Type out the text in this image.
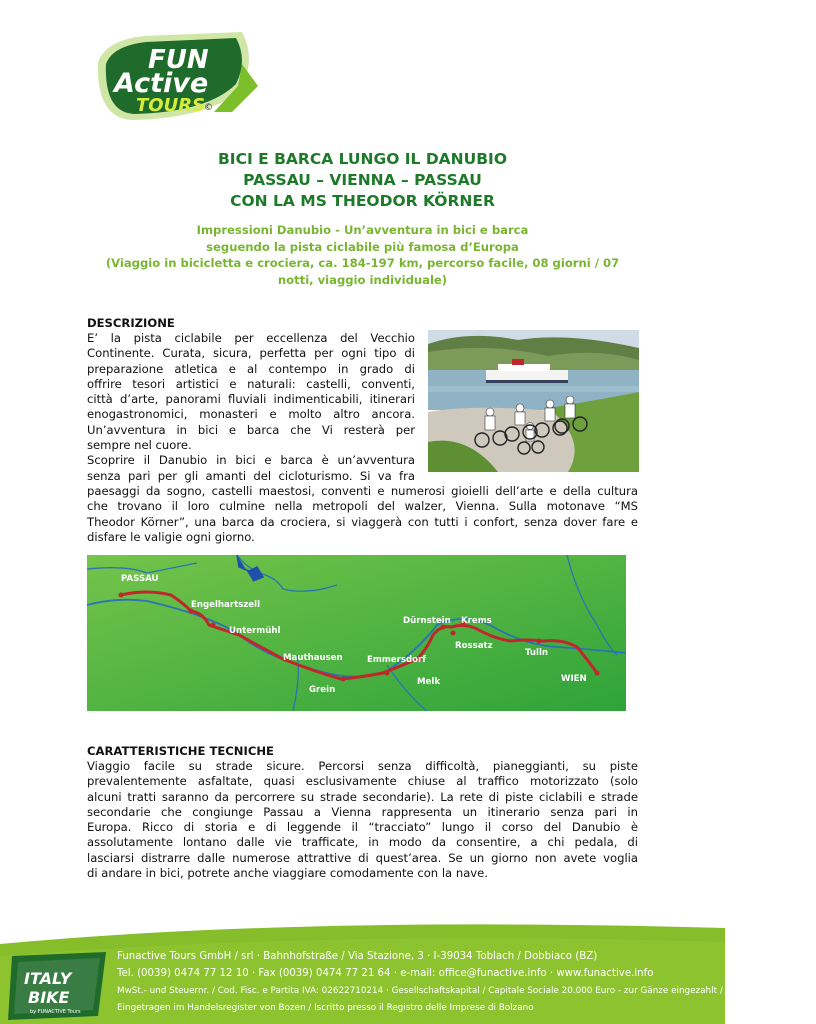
FUN
Active
TOURS
©
BICI E BARCA LUNGO IL DANUBIO
PASSAU – VIENNA – PASSAU
CON LA MS THEODOR KÖRNER
Impressioni Danubio - Un’avventura in bici e barca
seguendo la pista ciclabile più famosa d’Europa
(Viaggio in bicicletta e crociera, ca. 184-197 km, percorso facile, 08 giorni / 07
notti, viaggio individuale)
DESCRIZIONE
E’ la pista ciclabile per eccellenza del Vecchio
Continente. Curata, sicura, perfetta per ogni tipo di
preparazione atletica e al contempo in grado di
offrire tesori artistici e naturali: castelli, conventi,
città d’arte, panorami fluviali indimenticabili, itinerari
enogastronomici, monasteri e molto altro ancora.
Un’avventura in bici e barca che Vi resterà per
sempre nel cuore.
Scoprire il Danubio in bici e barca è un’avventura
senza pari per gli amanti del cicloturismo. Si va fra
paesaggi da sogno, castelli maestosi, conventi e numerosi gioielli dell’arte e della cultura
che trovano il loro culmine nella metropoli del walzer, Vienna. Sulla motonave “MS
Theodor Körner”, una barca da crociera, si viaggerà con tutti i confort, senza dover fare e
disfare le valigie ogni giorno.
PASSAU
Engelhartszell
Untermühl
Mauthausen
Grein
Emmersdorf
Melk
Dürnstein Krems
Rossatz
Tulln
WIEN
CARATTERISTICHE TECNICHE
Viaggio facile su strade sicure. Percorsi senza difficoltà, pianeggianti, su piste
prevalentemente asfaltate, quasi esclusivamente chiuse al traffico motorizzato (solo
alcuni tratti saranno da percorrere su strade secondarie). La rete di piste ciclabili e strade
secondarie che congiunge Passau a Vienna rappresenta un itinerario senza pari in
Europa. Ricco di storia e di leggende il “tracciato” lungo il corso del Danubio è
assolutamente lontano dalle vie trafficate, in modo da consentire, a chi pedala, di
lasciarsi distrarre dalle numerose attrattive di quest’area. Se un giorno non avete voglia
di andare in bici, potrete anche viaggiare comodamente con la nave.
ITALY
BIKE
by FUNACTIVE Tours
Funactive Tours GmbH / srl · Bahnhofstraße / Via Stazione, 3 · I-39034 Toblach / Dobbiaco (BZ)
Tel. (0039) 0474 77 12 10 · Fax (0039) 0474 77 21 64 · e-mail: office@funactive.info · www.funactive.info
MwSt.- und Steuernr. / Cod. Fisc. e Partita IVA: 02622710214 · Gesellschaftskapital / Capitale Sociale 20.000 Euro - zur Gänze eingezahlt / interamente versato
Eingetragen im Handelsregister von Bozen / Iscritto presso il Registro delle Imprese di Bolzano
